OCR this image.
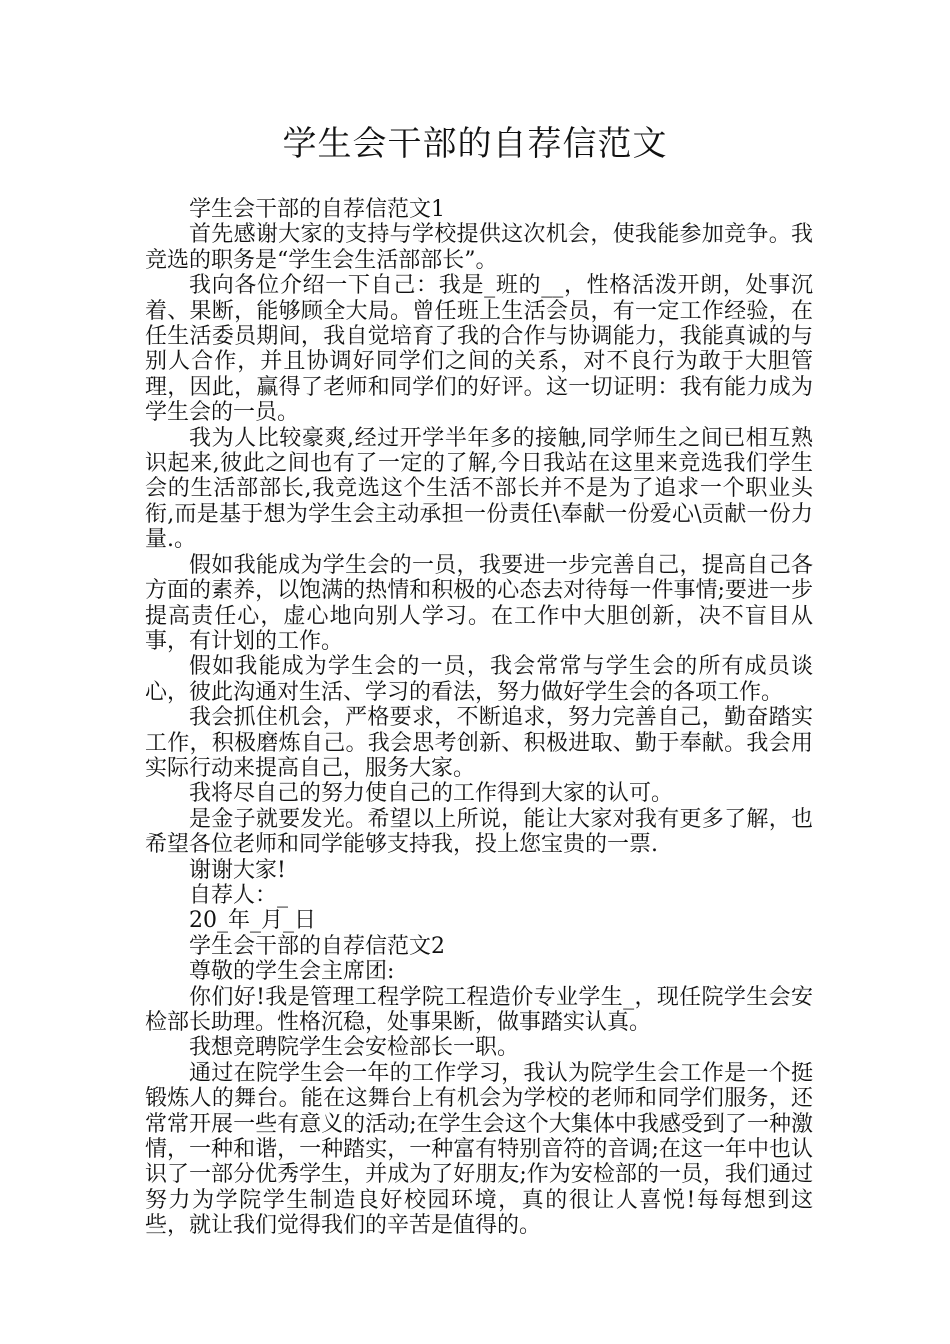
学生会干部的自荐信范文

学生会干部的自荐信范文1

首先感谢大家的支持与学校提供这次机会，使我能参加竞争。我竞选的职务是“学生会生活部部长”。

我向各位介绍一下自己：我是_班的__，性格活泼开朗，处事沉着、果断，能够顾全大局。曾任班上生活会员，有一定工作经验，在任生活委员期间，我自觉培育了我的合作与协调能力，我能真诚的与别人合作，并且协调好同学们之间的关系，对不良行为敢于大胆管理，因此，赢得了老师和同学们的好评。这一切证明：我有能力成为学生会的一员。

我为人比较豪爽,经过开学半年多的接触,同学师生之间已相互熟识起来,彼此之间也有了一定的了解,今日我站在这里来竞选我们学生会的生活部部长,我竞选这个生活不部长并不是为了追求一个职业头衔,而是基于想为学生会主动承担一份责任\奉献一份爱心\贡献一份力量.。

假如我能成为学生会的一员，我要进一步完善自己，提高自己各方面的素养，以饱满的热情和积极的心态去对待每一件事情;要进一步提高责任心，虚心地向别人学习。在工作中大胆创新，决不盲目从事，有计划的工作。

假如我能成为学生会的一员，我会常常与学生会的所有成员谈心，彼此沟通对生活、学习的看法，努力做好学生会的各项工作。

我会抓住机会，严格要求，不断追求，努力完善自己，勤奋踏实工作，积极磨炼自己。我会思考创新、积极进取、勤于奉献。我会用实际行动来提高自己，服务大家。

我将尽自己的努力使自己的工作得到大家的认可。

是金子就要发光。希望以上所说，能让大家对我有更多了解，也希望各位老师和同学能够支持我，投上您宝贵的一票.

谢谢大家!

自荐人：_

20_年_月_日

学生会干部的自荐信范文2

尊敬的学生会主席团:

你们好!我是管理工程学院工程造价专业学生_，现任院学生会安检部长助理。性格沉稳，处事果断，做事踏实认真。

我想竞聘院学生会安检部长一职。

通过在院学生会一年的工作学习，我认为院学生会工作是一个挺锻炼人的舞台。能在这舞台上有机会为学校的老师和同学们服务，还常常开展一些有意义的活动;在学生会这个大集体中我感受到了一种激情，一种和谐，一种踏实，一种富有特别音符的音调;在这一年中也认识了一部分优秀学生，并成为了好朋友;作为安检部的一员，我们通过努力为学院学生制造良好校园环境，真的很让人喜悦!每每想到这些，就让我们觉得我们的辛苦是值得的。
